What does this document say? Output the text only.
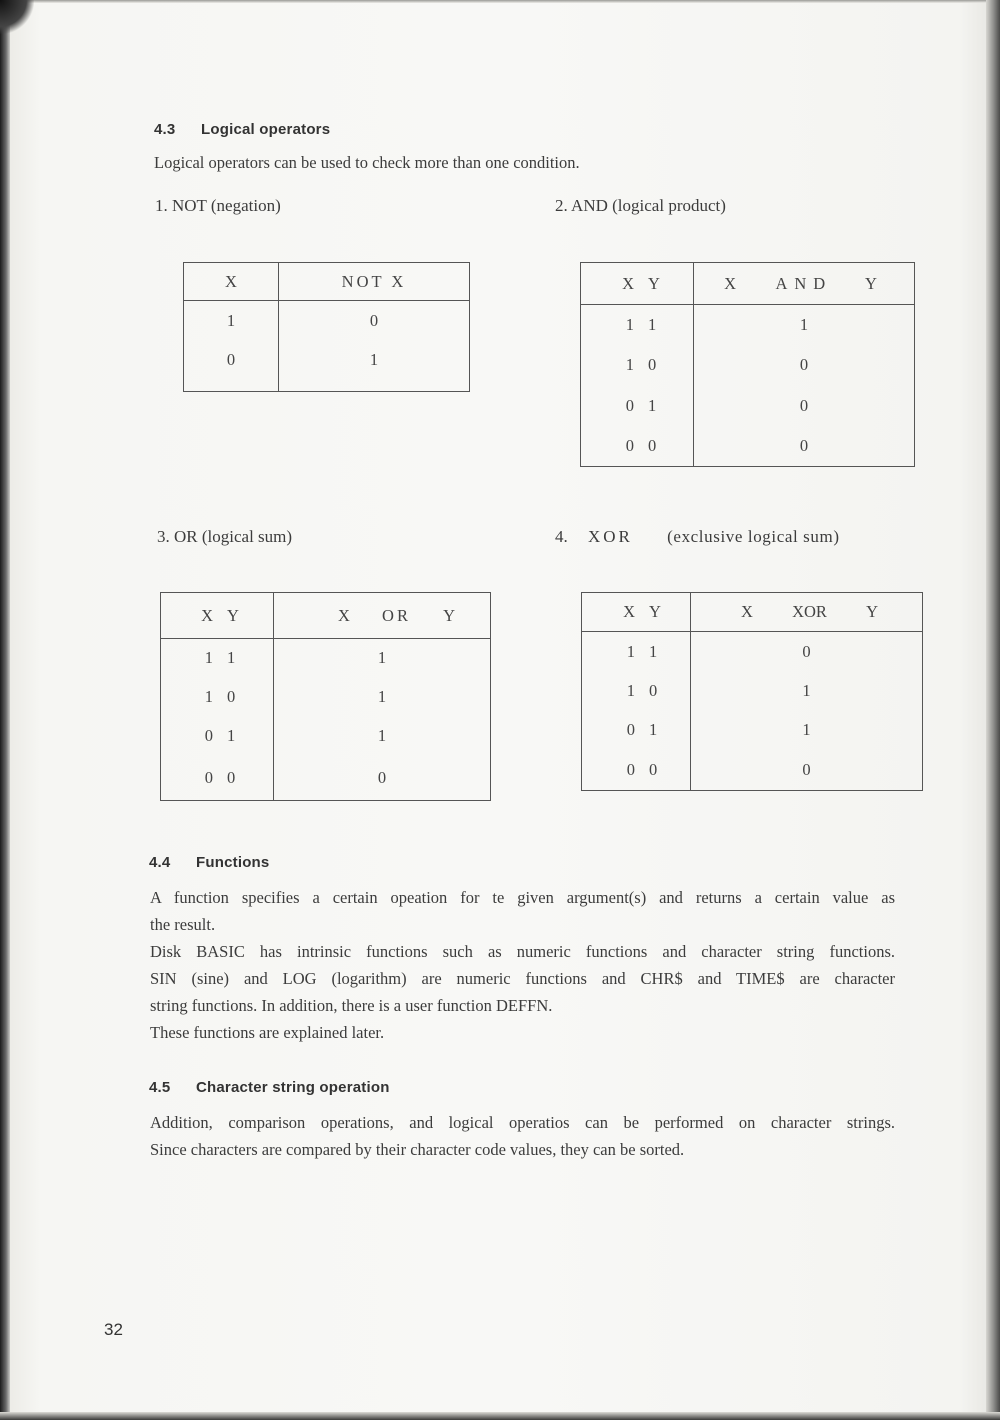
4.3 Logical operators
Logical operators can be used to check more than one condition.
1. NOT (negation)	2. AND (logical product)
X	NOT X
1	0
0	1

X	Y	X   AND   Y
1	1	1
1	0	0
0	1	0
0	0	0
3. OR (logical sum)	4. XOR (exclusive logical sum)
X	Y	X OR Y

1	1	1
1	0	1
0	1	1
0	0	0
X	Y	X XOR Y

1	1	0
1	0	1
0	1	1
0	0	0
4.4 Functions
A function specifies a certain opeation for te given argument(s) and returns a certain value as
the result.
Disk BASIC has intrinsic functions such as numeric functions and character string functions.
SIN (sine) and LOG (logarithm) are numeric functions and CHR$ and TIME$ are character
string functions. In addition, there is a user function DEFFN.
These functions are explained later.
4.5 Character string operation
Addition, comparison operations, and logical operatios can be performed on character strings.
Since characters are compared by their character code values, they can be sorted.
32
